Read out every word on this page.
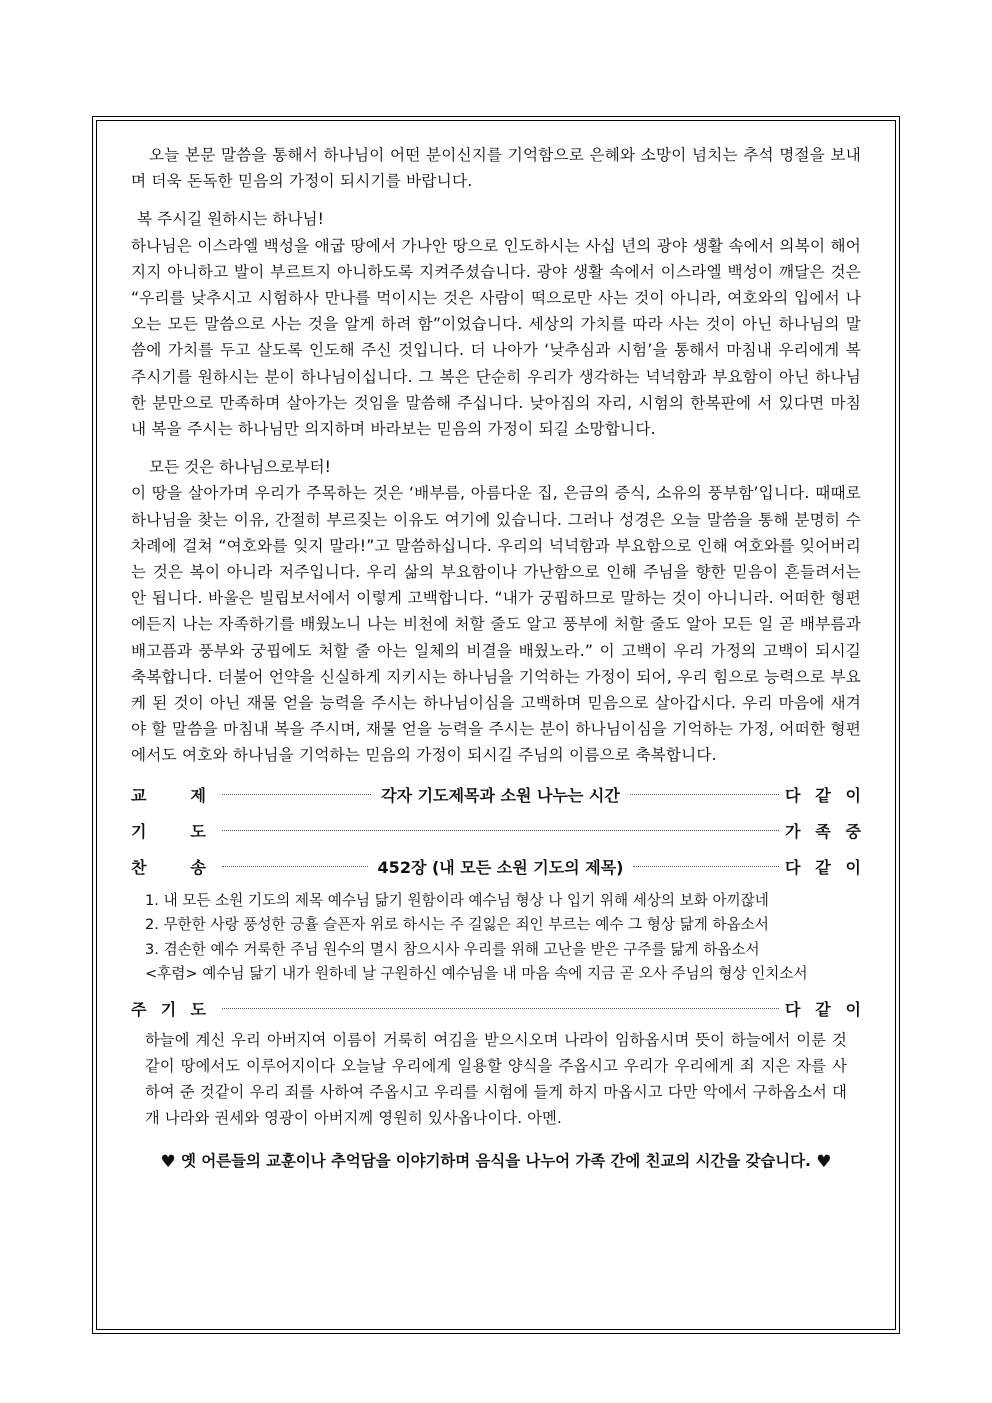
오늘 본문 말씀을 통해서 하나님이 어떤 분이신지를 기억함으로 은혜와 소망이 넘치는 추석 명절을 보내며 더욱 돈독한 믿음의 가정이 되시기를 바랍니다.

복 주시길 원하시는 하나님!

하나님은 이스라엘 백성을 애굽 땅에서 가나안 땅으로 인도하시는 사십 년의 광야 생활 속에서 의복이 해어지지 아니하고 발이 부르트지 아니하도록 지켜주셨습니다. 광야 생활 속에서 이스라엘 백성이 깨달은 것은 “우리를 낮추시고 시험하사 만나를 먹이시는 것은 사람이 떡으로만 사는 것이 아니라, 여호와의 입에서 나오는 모든 말씀으로 사는 것을 알게 하려 함”이었습니다. 세상의 가치를 따라 사는 것이 아닌 하나님의 말씀에 가치를 두고 살도록 인도해 주신 것입니다. 더 나아가 ‘낮추심과 시험’을 통해서 마침내 우리에게 복 주시기를 원하시는 분이 하나님이십니다. 그 복은 단순히 우리가 생각하는 넉넉함과 부요함이 아닌 하나님 한 분만으로 만족하며 살아가는 것임을 말씀해 주십니다. 낮아짐의 자리, 시험의 한복판에 서 있다면 마침내 복을 주시는 하나님만 의지하며 바라보는 믿음의 가정이 되길 소망합니다.

모든 것은 하나님으로부터!

이 땅을 살아가며 우리가 주목하는 것은 ‘배부름, 아름다운 집, 은금의 증식, 소유의 풍부함’입니다. 때때로 하나님을 찾는 이유, 간절히 부르짖는 이유도 여기에 있습니다. 그러나 성경은 오늘 말씀을 통해 분명히 수차례에 걸쳐 “여호와를 잊지 말라!”고 말씀하십니다. 우리의 넉넉함과 부요함으로 인해 여호와를 잊어버리는 것은 복이 아니라 저주입니다. 우리 삶의 부요함이나 가난함으로 인해 주님을 향한 믿음이 흔들려서는 안 됩니다. 바울은 빌립보서에서 이렇게 고백합니다. “내가 궁핍하므로 말하는 것이 아니니라. 어떠한 형편에든지 나는 자족하기를 배웠노니 나는 비천에 처할 줄도 알고 풍부에 처할 줄도 알아 모든 일 곧 배부름과 배고픔과 풍부와 궁핍에도 처할 줄 아는 일체의 비결을 배웠노라.” 이 고백이 우리 가정의 고백이 되시길 축복합니다. 더불어 언약을 신실하게 지키시는 하나님을 기억하는 가정이 되어, 우리 힘으로 능력으로 부요케 된 것이 아닌 재물 얻을 능력을 주시는 하나님이심을 고백하며 믿음으로 살아갑시다. 우리 마음에 새겨야 할 말씀을 마침내 복을 주시며, 재물 얻을 능력을 주시는 분이 하나님이심을 기억하는 가정, 어떠한 형편에서도 여호와 하나님을 기억하는 믿음의 가정이 되시길 주님의 이름으로 축복합니다.

교	제	각자 기도제목과 소원 나누는 시간	다 같 이
기	도	가 족 중
찬	송	452장 (내 모든 소원 기도의 제목)	다 같 이
1. 내 모든 소원 기도의 제목 예수님 닮기 원함이라 예수님 형상 나 입기 위해 세상의 보화 아끼잖네
2. 무한한 사랑 풍성한 긍휼 슬픈자 위로 하시는 주 길잃은 죄인 부르는 예수 그 형상 닮게 하옵소서
3. 겸손한 예수 거룩한 주님 원수의 멸시 참으시사 우리를 위해 고난을 받은 구주를 닮게 하옵소서
<후렴> 예수님 닮기 내가 원하네 날 구원하신 예수님을 내 마음 속에 지금 곧 오사 주님의 형상 인치소서
주 기 도	다 같 이

하늘에 계신 우리 아버지여 이름이 거룩히 여김을 받으시오며 나라이 임하옵시며 뜻이 하늘에서 이룬 것 같이 땅에서도 이루어지이다 오늘날 우리에게 일용할 양식을 주옵시고 우리가 우리에게 죄 지은 자를 사하여 준 것같이 우리 죄를 사하여 주옵시고 우리를 시험에 들게 하지 마옵시고 다만 악에서 구하옵소서 대개 나라와 권세와 영광이 아버지께 영원히 있사옵나이다. 아멘.

♥ 옛 어른들의 교훈이나 추억담을 이야기하며 음식을 나누어 가족 간에 친교의 시간을 갖습니다. ♥
